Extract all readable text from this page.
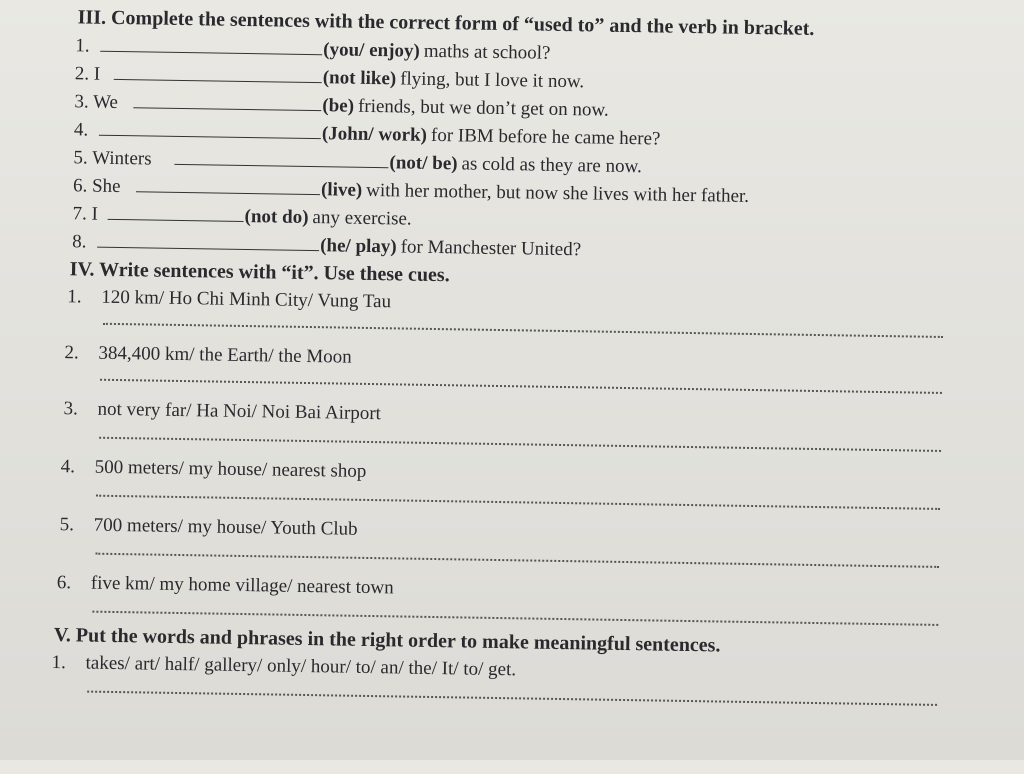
III. Complete the sentences with the correct form of “used to” and the verb in bracket.
1.	(you/ enjoy) maths at school?
2. I	(not like) flying, but I love it now.
3. We	(be) friends, but we don’t get on now.
4.	(John/ work) for IBM before he came here?
5. Winters	(not/ be) as cold as they are now.
6. She	(live) with her mother, but now she lives with her father.
7. I	(not do) any exercise.
8.	(he/ play) for Manchester United?
IV. Write sentences with “it”. Use these cues.
1. 120 km/ Ho Chi Minh City/ Vung Tau
2. 384,400 km/ the Earth/ the Moon
3. not very far/ Ha Noi/ Noi Bai Airport
4. 500 meters/ my house/ nearest shop
5. 700 meters/ my house/ Youth Club
6. five km/ my home village/ nearest town
V. Put the words and phrases in the right order to make meaningful sentences.
1. takes/ art/ half/ gallery/ only/ hour/ to/ an/ the/ It/ to/ get.
